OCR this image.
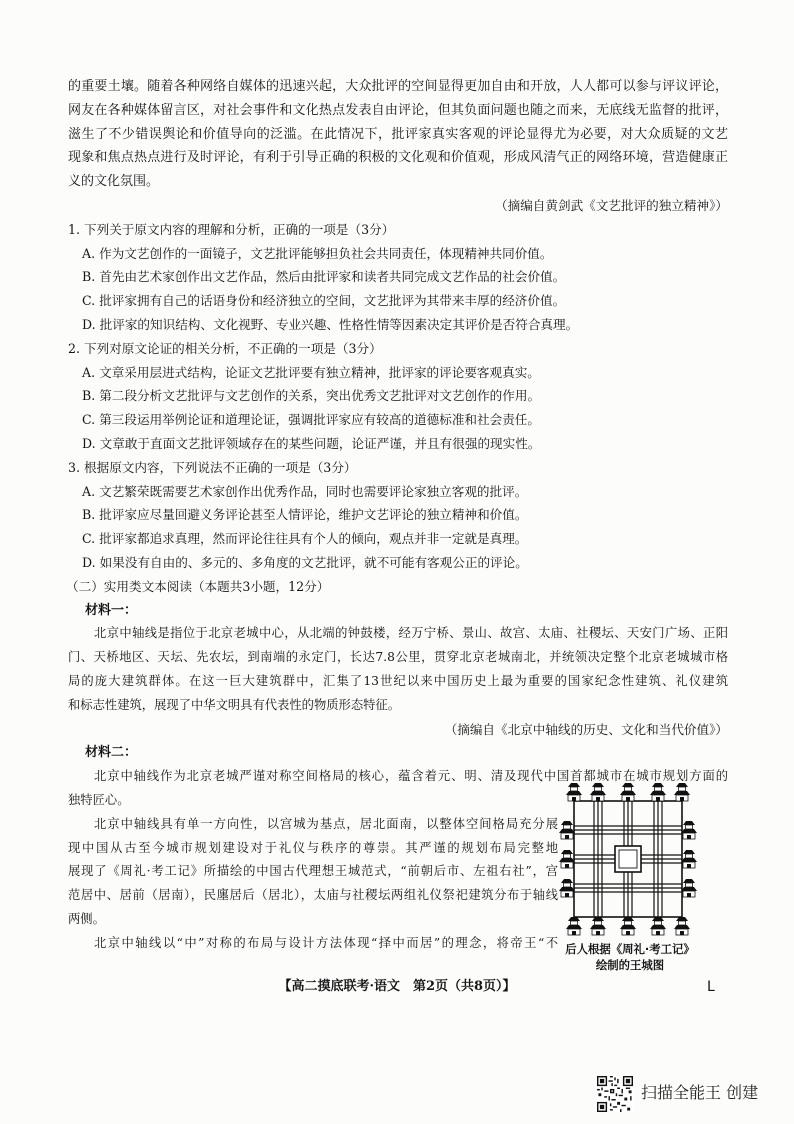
的重要土壤。随着各种网络自媒体的迅速兴起，大众批评的空间显得更加自由和开放，人人都可以参与评议评论，
网友在各种媒体留言区，对社会事件和文化热点发表自由评论，但其负面问题也随之而来，无底线无监督的批评，
滋生了不少错误舆论和价值导向的泛滥。在此情况下，批评家真实客观的评论显得尤为必要，对大众质疑的文艺
现象和焦点热点进行及时评论，有利于引导正确的积极的文化观和价值观，形成风清气正的网络环境，营造健康正
义的文化氛围。
（摘编自黄剑武《文艺批评的独立精神》）
1. 下列关于原文内容的理解和分析，正确的一项是（3分）
A. 作为文艺创作的一面镜子，文艺批评能够担负社会共同责任，体现精神共同价值。
B. 首先由艺术家创作出文艺作品，然后由批评家和读者共同完成文艺作品的社会价值。
C. 批评家拥有自己的话语身份和经济独立的空间，文艺批评为其带来丰厚的经济价值。
D. 批评家的知识结构、文化视野、专业兴趣、性格性情等因素决定其评价是否符合真理。
2. 下列对原文论证的相关分析，不正确的一项是（3分）
A. 文章采用层进式结构，论证文艺批评要有独立精神，批评家的评论要客观真实。
B. 第二段分析文艺批评与文艺创作的关系，突出优秀文艺批评对文艺创作的作用。
C. 第三段运用举例论证和道理论证，强调批评家应有较高的道德标准和社会责任。
D. 文章敢于直面文艺批评领域存在的某些问题，论证严谨，并且有很强的现实性。
3. 根据原文内容，下列说法不正确的一项是（3分）
A. 文艺繁荣既需要艺术家创作出优秀作品，同时也需要评论家独立客观的批评。
B. 批评家应尽量回避义务评论甚至人情评论，维护文艺评论的独立精神和价值。
C. 批评家都追求真理，然而评论往往具有个人的倾向，观点并非一定就是真理。
D. 如果没有自由的、多元的、多角度的文艺批评，就不可能有客观公正的评论。
（二）实用类文本阅读（本题共3小题，12分）
材料一：
北京中轴线是指位于北京老城中心，从北端的钟鼓楼，经万宁桥、景山、故宫、太庙、社稷坛、天安门广场、正阳
门、天桥地区、天坛、先农坛，到南端的永定门，长达7.8公里，贯穿北京老城南北，并统领决定整个北京老城城市格
局的庞大建筑群体。在这一巨大建筑群中，汇集了13世纪以来中国历史上最为重要的国家纪念性建筑、礼仪建筑
和标志性建筑，展现了中华文明具有代表性的物质形态特征。
（摘编自《北京中轴线的历史、文化和当代价值》）
材料二：
北京中轴线作为北京老城严谨对称空间格局的核心，蕴含着元、明、清及现代中国首都城市在城市规划方面的
独特匠心。
北京中轴线具有单一方向性，以宫城为基点，居北面南，以整体空间格局充分展
现中国从古至今城市规划建设对于礼仪与秩序的尊崇。其严谨的规划布局完整地
展现了《周礼·考工记》所描绘的中国古代理想王城范式，“前朝后市、左祖右社”，宫
范居中、居前（居南），民廛居后（居北），太庙与社稷坛两组礼仪祭祀建筑分布于轴线
两侧。
北京中轴线以“中”对称的布局与设计方法体现“择中而居”的理念，将帝王“不 后人根据《周礼·考工记》
绘制的王城图
【高二摸底联考·语文　第2页（共8页）】	L
扫描全能王 创建
